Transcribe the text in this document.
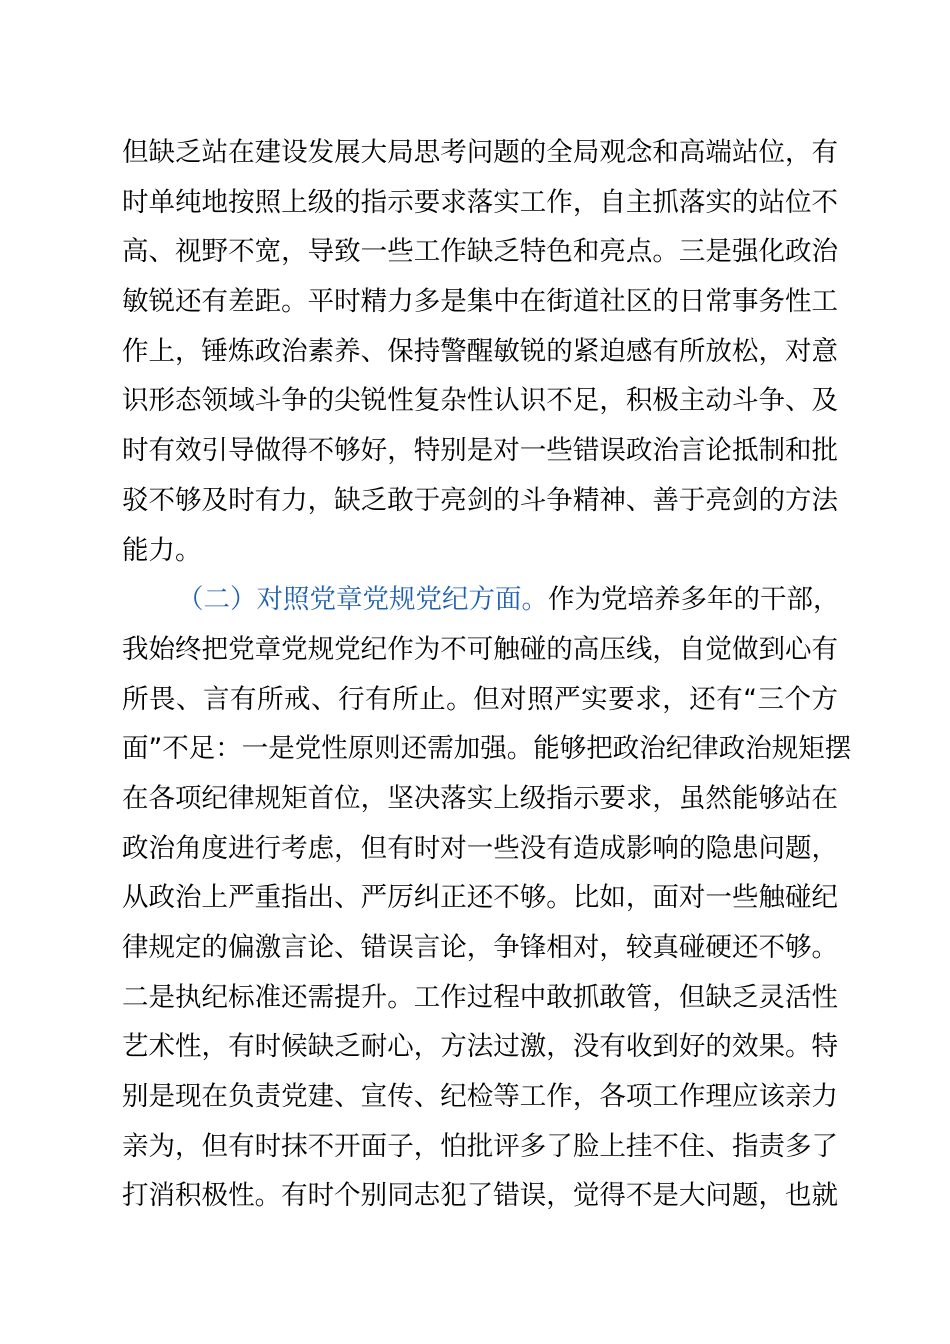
但缺乏站在建设发展大局思考问题的全局观念和高端站位，有
时单纯地按照上级的指示要求落实工作，自主抓落实的站位不
高、视野不宽，导致一些工作缺乏特色和亮点。三是强化政治
敏锐还有差距。平时精力多是集中在街道社区的日常事务性工
作上，锤炼政治素养、保持警醒敏锐的紧迫感有所放松，对意
识形态领域斗争的尖锐性复杂性认识不足，积极主动斗争、及
时有效引导做得不够好，特别是对一些错误政治言论抵制和批
驳不够及时有力，缺乏敢于亮剑的斗争精神、善于亮剑的方法
能力。
（二）对照党章党规党纪方面。作为党培养多年的干部，
我始终把党章党规党纪作为不可触碰的高压线，自觉做到心有
所畏、言有所戒、行有所止。但对照严实要求，还有“三个方
面”不足：一是党性原则还需加强。能够把政治纪律政治规矩摆
在各项纪律规矩首位，坚决落实上级指示要求，虽然能够站在
政治角度进行考虑，但有时对一些没有造成影响的隐患问题，
从政治上严重指出、严厉纠正还不够。比如，面对一些触碰纪
律规定的偏激言论、错误言论，争锋相对，较真碰硬还不够。
二是执纪标准还需提升。工作过程中敢抓敢管，但缺乏灵活性
艺术性，有时候缺乏耐心，方法过激，没有收到好的效果。特
别是现在负责党建、宣传、纪检等工作，各项工作理应该亲力
亲为，但有时抹不开面子，怕批评多了脸上挂不住、指责多了
打消积极性。有时个别同志犯了错误，觉得不是大问题，也就
